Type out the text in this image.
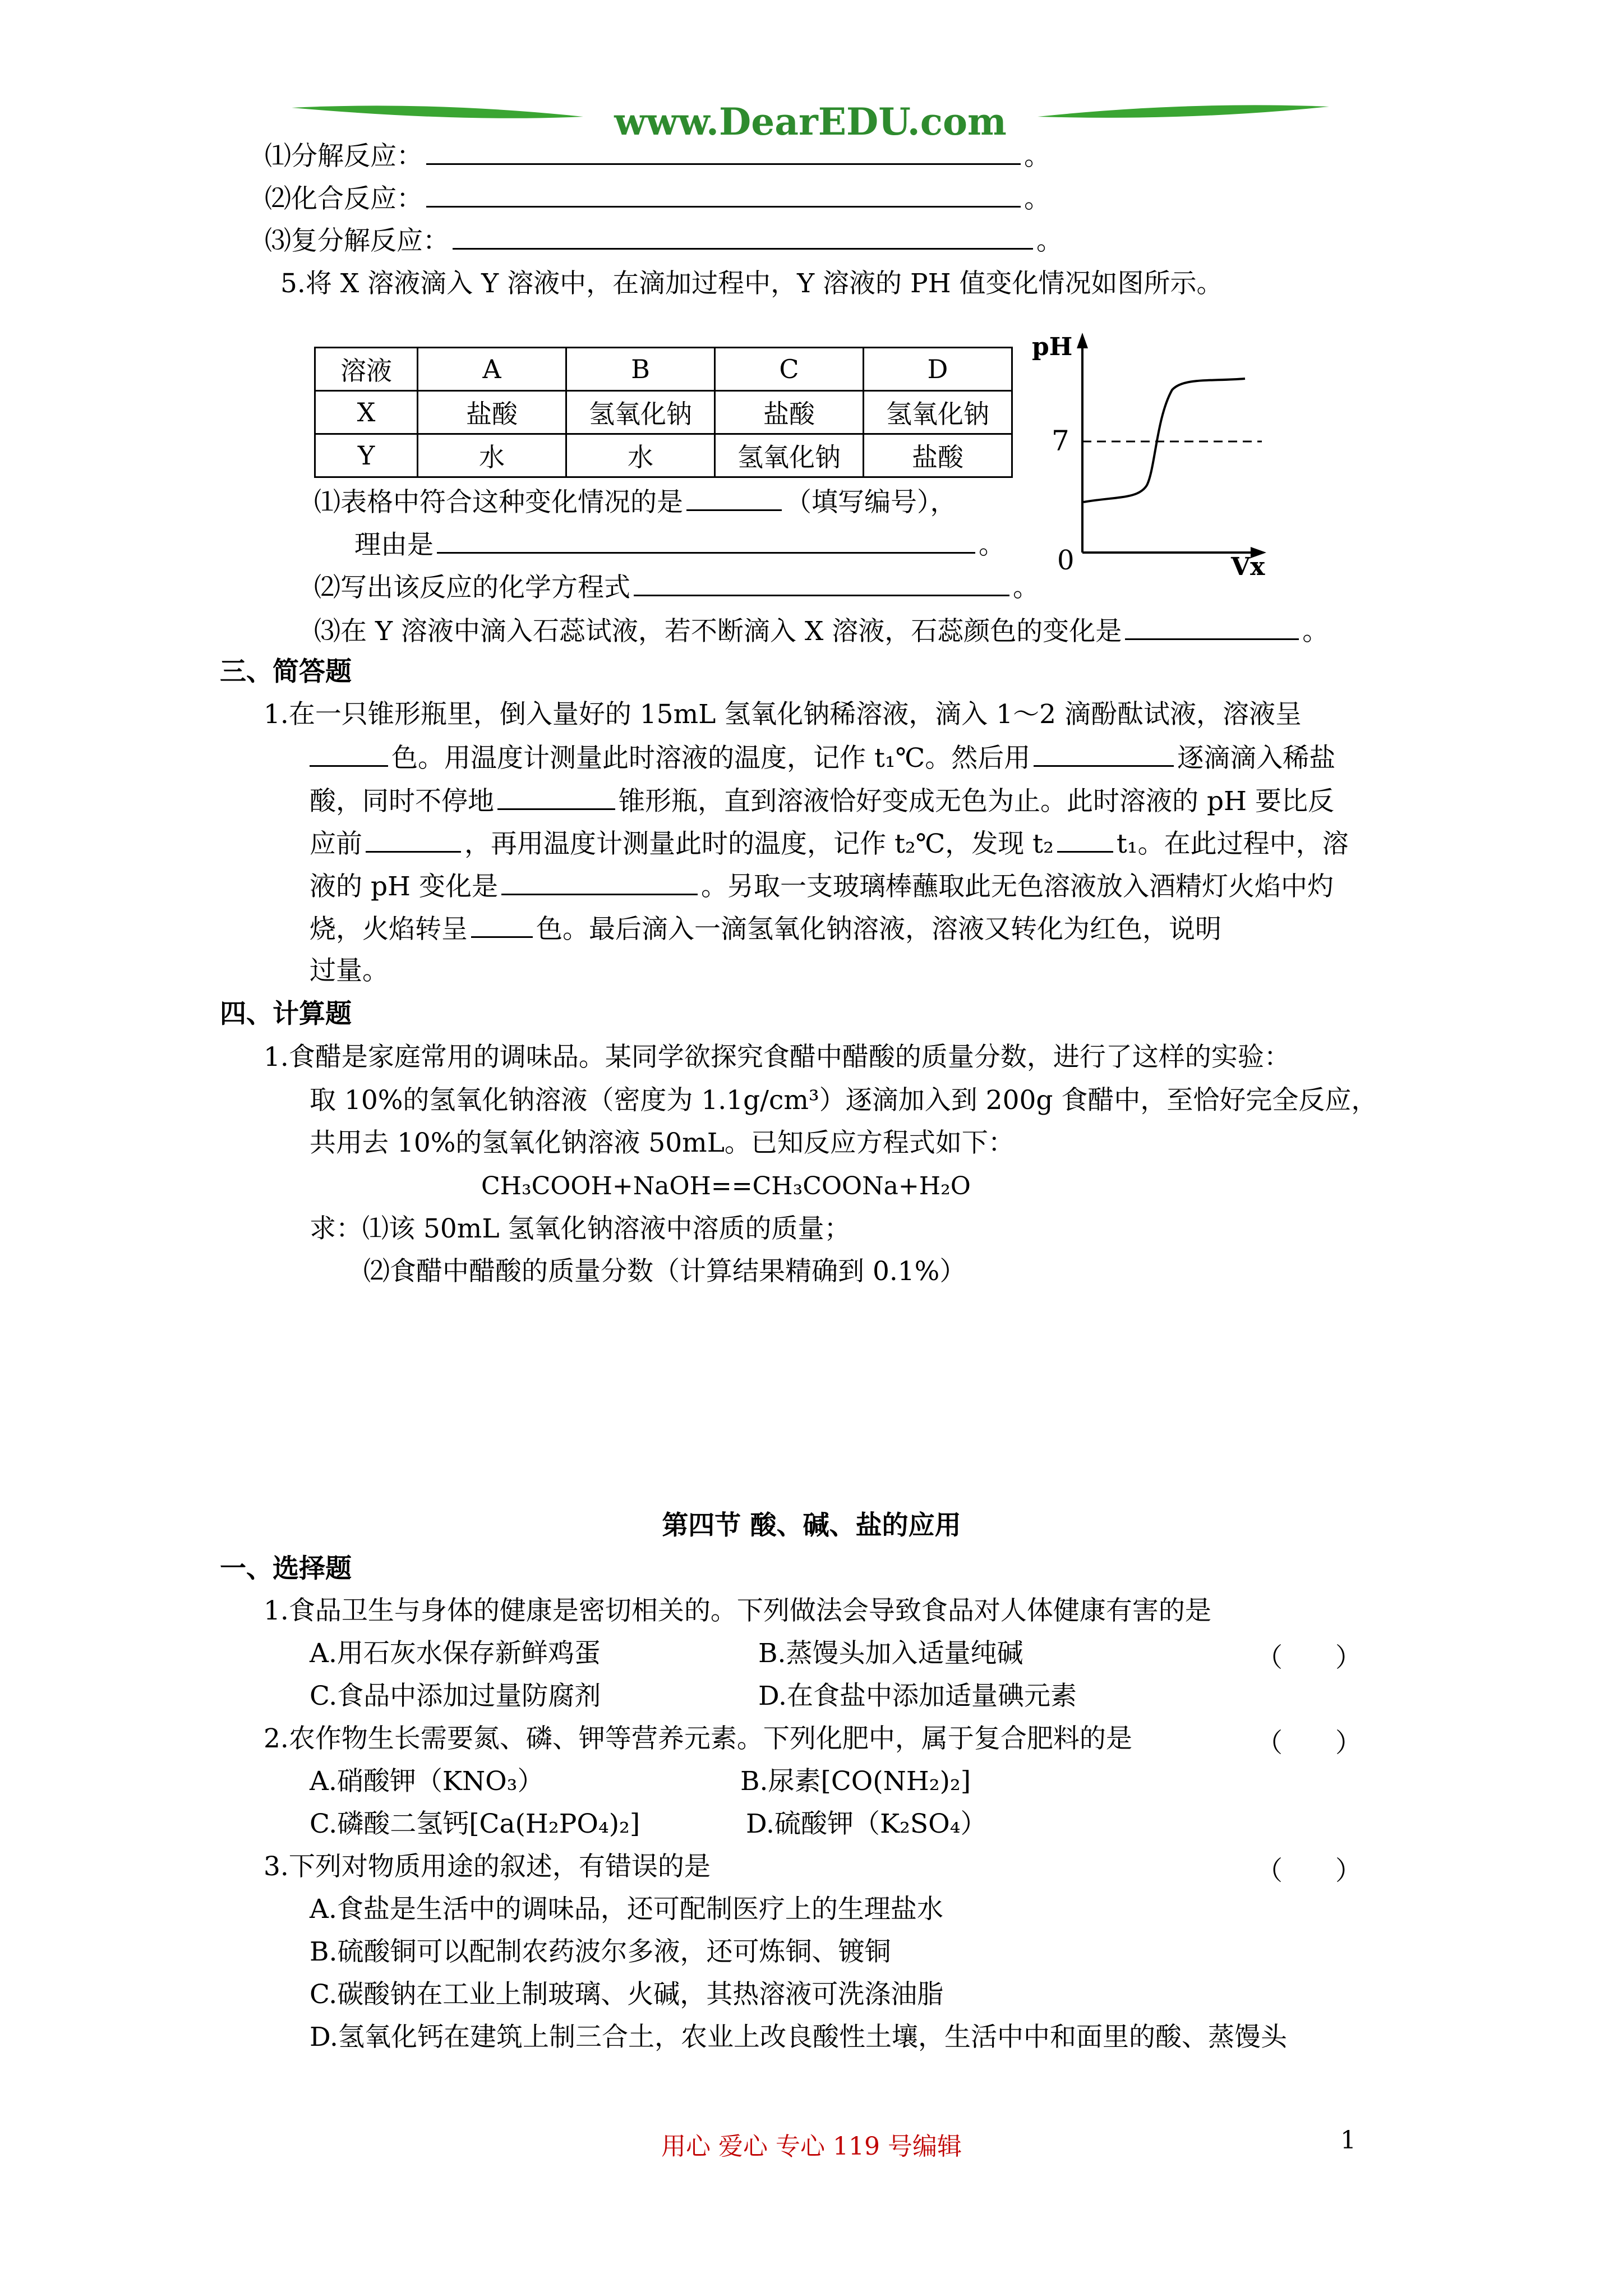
www.DearEDU.com
⑴分解反应：	。
⑵化合反应：	。
⑶复分解反应：	。
5.将 X 溶液滴入 Y 溶液中，在滴加过程中，Y 溶液的 PH 值变化情况如图所示。
溶液	A	B	C	D
X	盐酸	氢氧化钠	盐酸	氢氧化钠
Y	水	水	氢氧化钠	盐酸
pH
7
0	Vx
⑴表格中符合这种变化情况的是	（填写编号），
理由是	。
⑵写出该反应的化学方程式	。
⑶在 Y 溶液中滴入石蕊试液，若不断滴入 X 溶液，石蕊颜色的变化是	。
三、简答题
1.在一只锥形瓶里，倒入量好的 15mL 氢氧化钠稀溶液，滴入 1～2 滴酚酞试液，溶液呈
色。用温度计测量此时溶液的温度，记作 t₁℃。然后用	逐滴滴入稀盐
酸，同时不停地	锥形瓶，直到溶液恰好变成无色为止。此时溶液的 pH 要比反
应前	，再用温度计测量此时的温度，记作 t₂℃，发现 t₂ t₁。在此过程中，溶
液的 pH 变化是	。另取一支玻璃棒蘸取此无色溶液放入酒精灯火焰中灼
烧，火焰转呈	色。最后滴入一滴氢氧化钠溶液，溶液又转化为红色，说明
过量。
四、计算题
1.食醋是家庭常用的调味品。某同学欲探究食醋中醋酸的质量分数，进行了这样的实验：
取 10%的氢氧化钠溶液（密度为 1.1g/cm³）逐滴加入到 200g 食醋中，至恰好完全反应，
共用去 10%的氢氧化钠溶液 50mL。已知反应方程式如下：
CH₃COOH+NaOH==CH₃COONa+H₂O
求：⑴该 50mL 氢氧化钠溶液中溶质的质量；
⑵食醋中醋酸的质量分数（计算结果精确到 0.1%）
第四节 酸、碱、盐的应用
一、选择题
1.食品卫生与身体的健康是密切相关的。下列做法会导致食品对人体健康有害的是
A.用石灰水保存新鲜鸡蛋	B.蒸馒头加入适量纯碱	（　　）
C.食品中添加过量防腐剂	D.在食盐中添加适量碘元素
2.农作物生长需要氮、磷、钾等营养元素。下列化肥中，属于复合肥料的是	（　　）
A.硝酸钾（KNO₃）	B.尿素[CO(NH₂)₂]
C.磷酸二氢钙[Ca(H₂PO₄)₂]	D.硫酸钾（K₂SO₄）
3.下列对物质用途的叙述，有错误的是	（　　）
A.食盐是生活中的调味品，还可配制医疗上的生理盐水
B.硫酸铜可以配制农药波尔多液，还可炼铜、镀铜
C.碳酸钠在工业上制玻璃、火碱，其热溶液可洗涤油脂
D.氢氧化钙在建筑上制三合土，农业上改良酸性土壤，生活中中和面里的酸、蒸馒头
用心 爱心 专心 119 号编辑	1
